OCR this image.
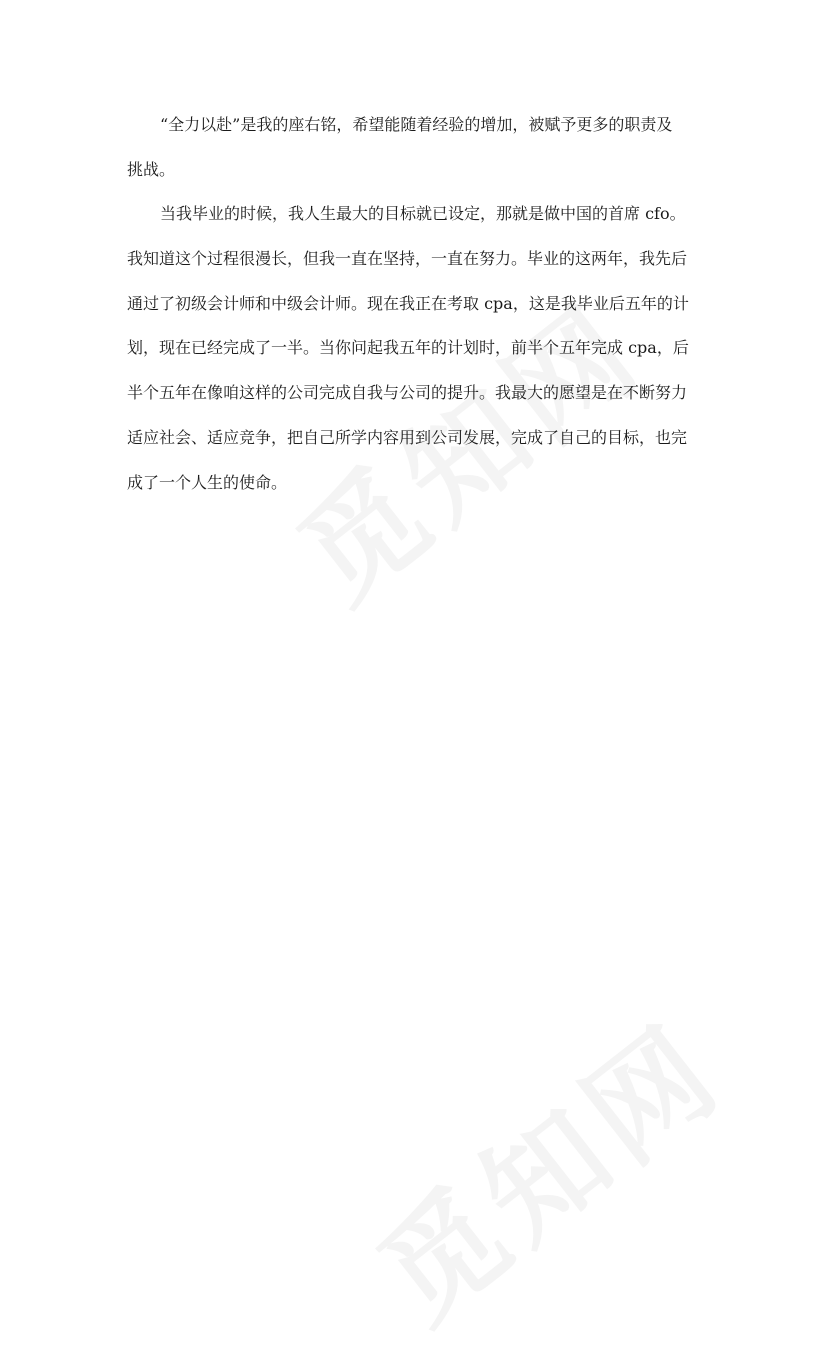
“全力以赴”是我的座右铭，希望能随着经验的增加，被赋予更多的职责及
挑战。
当我毕业的时候，我人生最大的目标就已设定，那就是做中国的首席 cfo。
我知道这个过程很漫长，但我一直在坚持，一直在努力。毕业的这两年，我先后
通过了初级会计师和中级会计师。现在我正在考取 cpa，这是我毕业后五年的计
划，现在已经完成了一半。当你问起我五年的计划时，前半个五年完成 cpa，后
半个五年在像咱这样的公司完成自我与公司的提升。我最大的愿望是在不断努力
适应社会、适应竞争，把自己所学内容用到公司发展，完成了自己的目标，也完
成了一个人生的使命。
